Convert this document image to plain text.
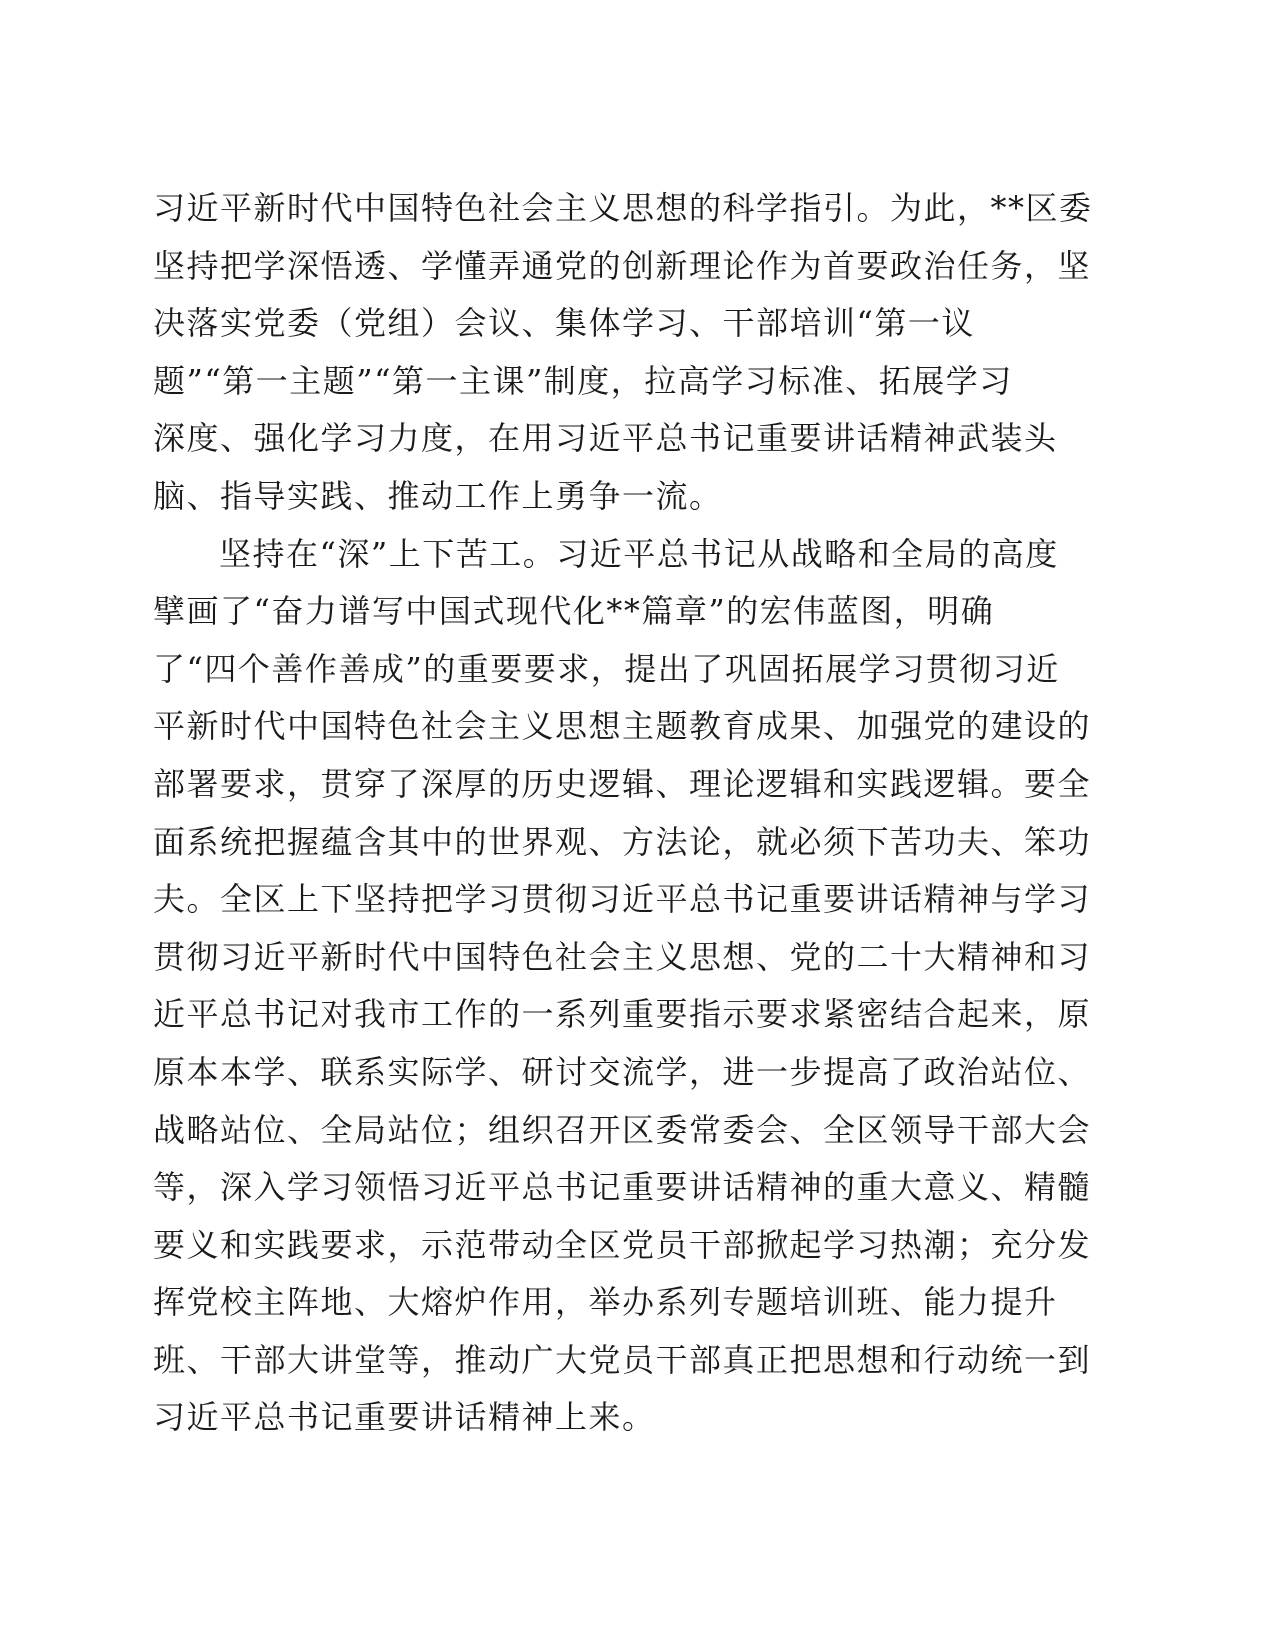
习近平新时代中国特色社会主义思想的科学指引。为此，**区委
坚持把学深悟透、学懂弄通党的创新理论作为首要政治任务，坚
决落实党委（党组）会议、集体学习、干部培训“第一议
题”“第一主题”“第一主课”制度，拉高学习标准、拓展学习
深度、强化学习力度，在用习近平总书记重要讲话精神武装头
脑、指导实践、推动工作上勇争一流。
坚持在“深”上下苦工。习近平总书记从战略和全局的高度
擘画了“奋力谱写中国式现代化**篇章”的宏伟蓝图，明确
了“四个善作善成”的重要要求，提出了巩固拓展学习贯彻习近
平新时代中国特色社会主义思想主题教育成果、加强党的建设的
部署要求，贯穿了深厚的历史逻辑、理论逻辑和实践逻辑。要全
面系统把握蕴含其中的世界观、方法论，就必须下苦功夫、笨功
夫。全区上下坚持把学习贯彻习近平总书记重要讲话精神与学习
贯彻习近平新时代中国特色社会主义思想、党的二十大精神和习
近平总书记对我市工作的一系列重要指示要求紧密结合起来，原
原本本学、联系实际学、研讨交流学，进一步提高了政治站位、
战略站位、全局站位；组织召开区委常委会、全区领导干部大会
等，深入学习领悟习近平总书记重要讲话精神的重大意义、精髓
要义和实践要求，示范带动全区党员干部掀起学习热潮；充分发
挥党校主阵地、大熔炉作用，举办系列专题培训班、能力提升
班、干部大讲堂等，推动广大党员干部真正把思想和行动统一到
习近平总书记重要讲话精神上来。
